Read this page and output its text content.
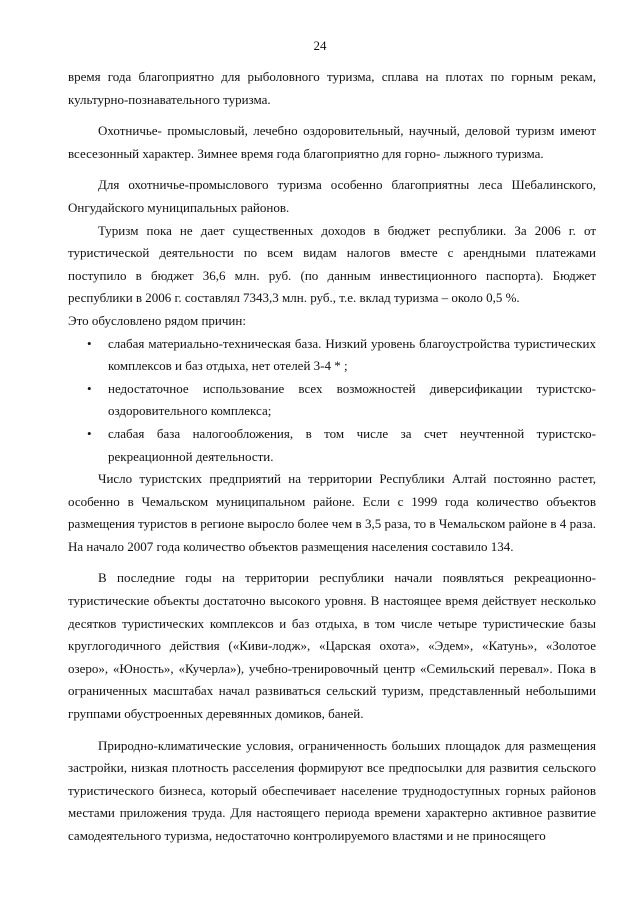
24

время года благоприятно для рыболовного туризма, сплава на плотах по горным рекам, культурно-познавательного туризма.

Охотничье- промысловый, лечебно оздоровительный, научный, деловой туризм имеют всесезонный характер. Зимнее время года благоприятно для горно- лыжного туризма.

Для охотничье-промыслового туризма особенно благоприятны леса Шебалинского, Онгудайского муниципальных районов.

Туризм пока не дает существенных доходов в бюджет республики. За 2006 г. от туристической деятельности по всем видам налогов вместе с арендными платежами поступило в бюджет 36,6 млн. руб. (по данным инвестиционного паспорта). Бюджет республики в 2006 г. составлял 7343,3 млн. руб., т.е. вклад туризма – около 0,5 %.

Это обусловлено рядом причин:

• слабая материально-техническая база. Низкий уровень благоустройства туристических комплексов и баз отдыха, нет отелей 3-4 * ;
• недостаточное использование всех возможностей диверсификации туристско-оздоровительного комплекса;
• слабая база налогообложения, в том числе за счет неучтенной туристско-рекреационной деятельности.

Число туристских предприятий на территории Республики Алтай постоянно растет, особенно в Чемальском муниципальном районе. Если с 1999 года количество объектов размещения туристов в регионе выросло более чем в 3,5 раза, то в Чемальском районе в 4 раза. На начало 2007 года количество объектов размещения населения составило 134.

В последние годы на территории республики начали появляться рекреационно-туристические объекты достаточно высокого уровня. В настоящее время действует несколько десятков туристических комплексов и баз отдыха, в том числе четыре туристические базы круглогодичного действия («Киви-лодж», «Царская охота», «Эдем», «Катунь», «Золотое озеро», «Юность», «Кучерла»), учебно-тренировочный центр «Семильский перевал». Пока в ограниченных масштабах начал развиваться сельский туризм, представленный небольшими группами обустроенных деревянных домиков, баней.

Природно-климатические условия, ограниченность больших площадок для размещения застройки, низкая плотность расселения формируют все предпосылки для развития сельского туристического бизнеса, который обеспечивает население труднодоступных горных районов местами приложения труда. Для настоящего периода времени характерно активное развитие самодеятельного туризма, недостаточно контролируемого властями и не приносящего
